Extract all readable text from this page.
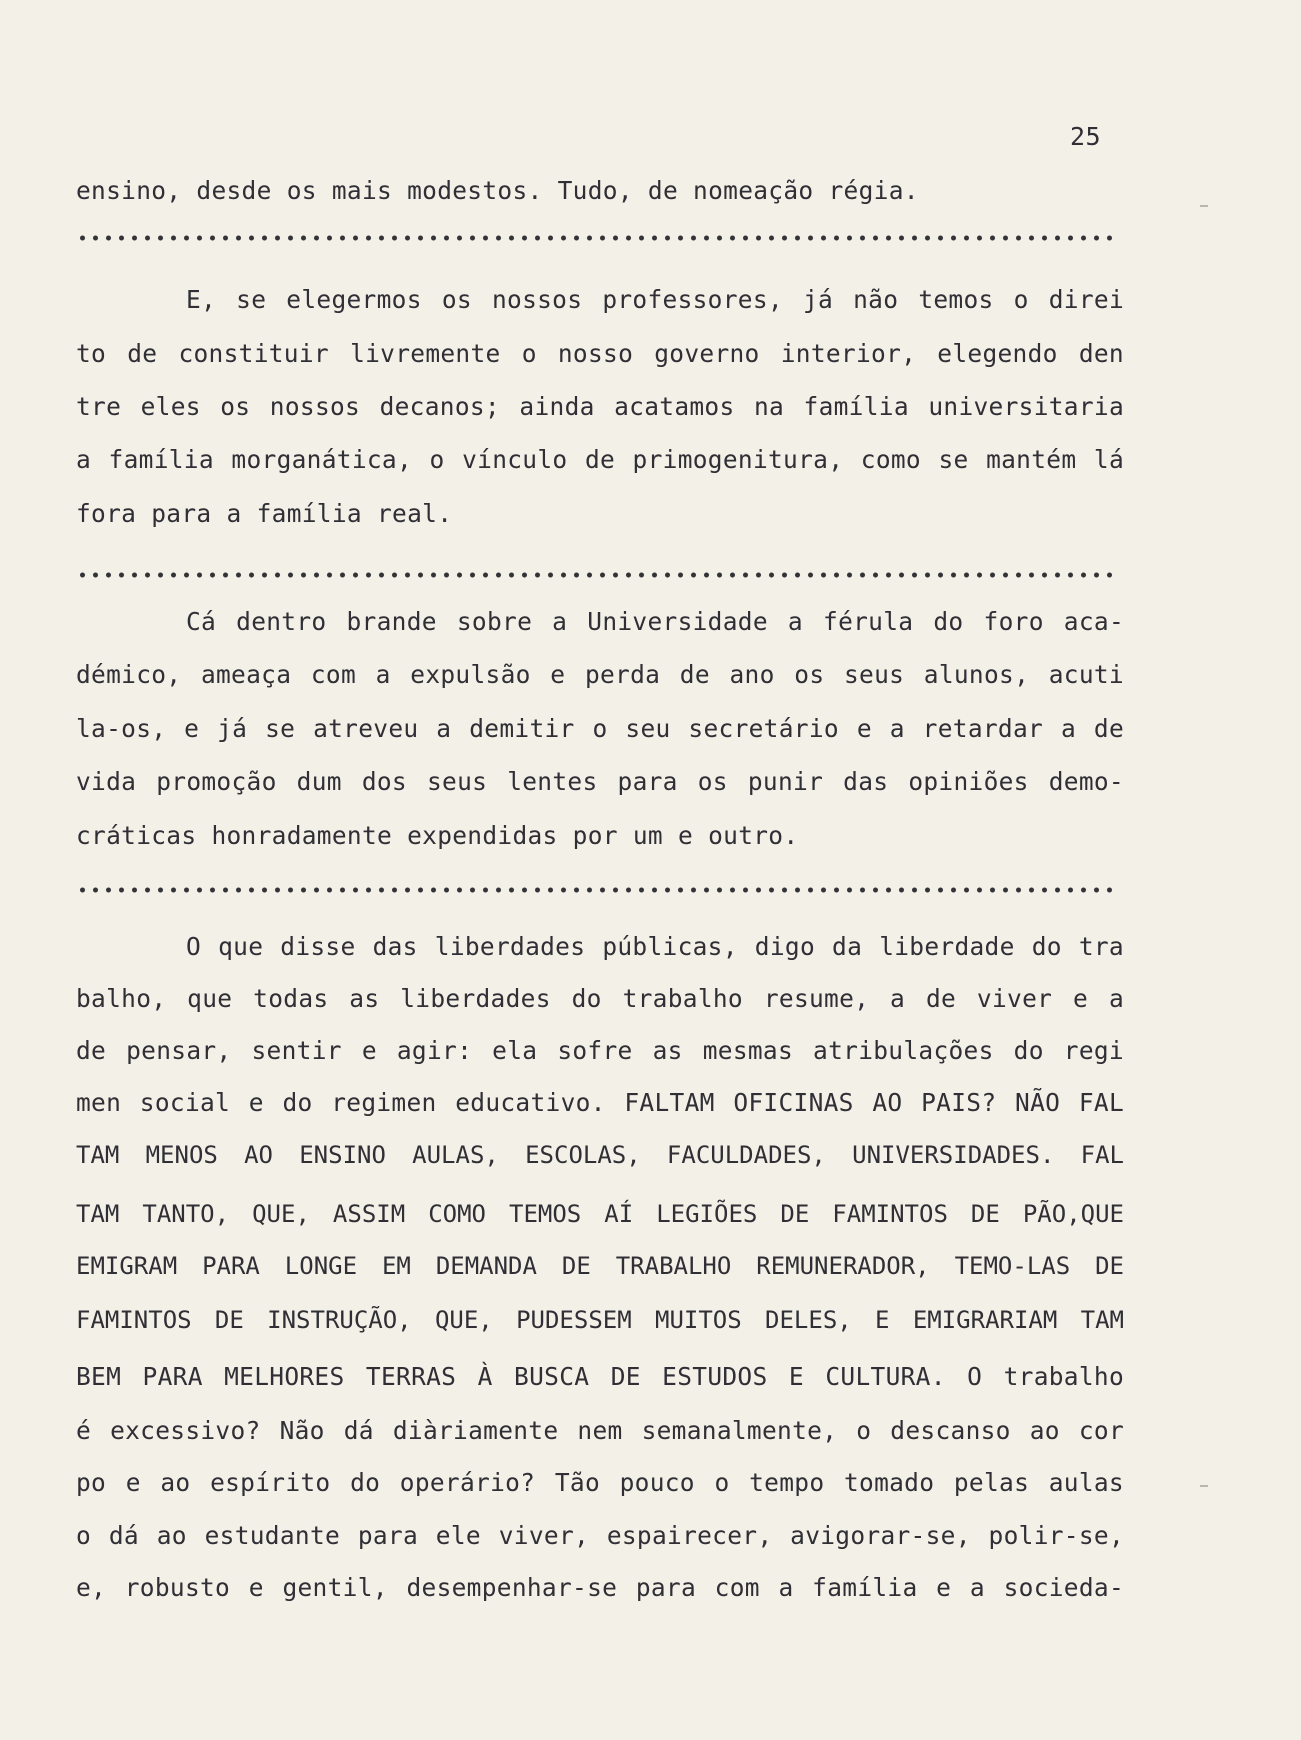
25
ensino, desde os mais modestos. Tudo, de nomeação régia.
E, se elegermos os nossos professores, já não temos o direi
to de constituir livremente o nosso governo interior, elegendo den
tre eles os nossos decanos; ainda acatamos na família universitaria
a família morganática, o vínculo de primogenitura, como se mantém lá
fora para a família real.
Cá dentro brande sobre a Universidade a férula do foro aca-
démico, ameaça com a expulsão e perda de ano os seus alunos, acuti
la-os, e já se atreveu a demitir o seu secretário e a retardar a de
vida promoção dum dos seus lentes para os punir das opiniões demo-
cráticas honradamente expendidas por um e outro.
O que disse das liberdades públicas, digo da liberdade do tra
balho, que todas as liberdades do trabalho resume, a de viver e a
de pensar, sentir e agir: ela sofre as mesmas atribulações do regi
men social e do regimen educativo. FALTAM OFICINAS AO PAIS? NÃO FAL
TAM MENOS AO ENSINO AULAS, ESCOLAS, FACULDADES, UNIVERSIDADES. FAL
TAM TANTO, QUE, ASSIM COMO TEMOS AÍ LEGIÕES DE FAMINTOS DE PÃO,QUE
EMIGRAM PARA LONGE EM DEMANDA DE TRABALHO REMUNERADOR, TEMO-LAS DE
FAMINTOS DE INSTRUÇÃO, QUE, PUDESSEM MUITOS DELES, E EMIGRARIAM TAM
BEM PARA MELHORES TERRAS À BUSCA DE ESTUDOS E CULTURA. O trabalho
é excessivo? Não dá diàriamente nem semanalmente, o descanso ao cor
po e ao espírito do operário? Tão pouco o tempo tomado pelas aulas
o dá ao estudante para ele viver, espairecer, avigorar-se, polir-se,
e, robusto e gentil, desempenhar-se para com a família e a socieda-
